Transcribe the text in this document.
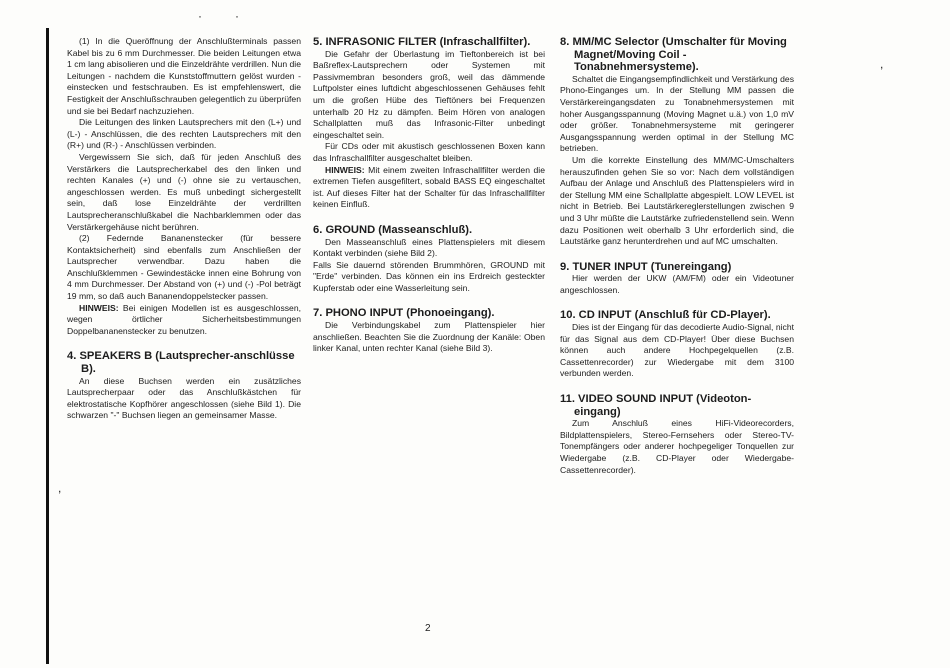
·	·
,
,

(1) In die Queröffnung der Anschlußterminals passen Kabel bis zu 6 mm Durchmesser. Die beiden Leitungen etwa 1 cm lang abisolieren und die Einzeldrähte verdrillen. Nun die Leitungen - nachdem die Kunststoffmuttern gelöst wurden - einstecken und festschrauben. Es ist empfehlenswert, die Festigkeit der Anschlußschrauben gelegentlich zu überprüfen und sie bei Bedarf nachzuziehen.

Die Leitungen des linken Lautsprechers mit den (L+) und (L-) - Anschlüssen, die des rechten Lautsprechers mit den (R+) und (R-) - Anschlüssen verbinden.

Vergewissern Sie sich, daß für jeden Anschluß des Verstärkers die Lautsprecherkabel des den linken und rechten Kanales (+) und (-) ohne sie zu vertauschen, angeschlossen werden. Es muß unbedingt sichergestellt sein, daß lose Einzeldrähte der verdrillten Lautsprecheranschlußkabel die Nachbarklemmen oder das Verstärkergehäuse nicht berühren.

(2) Federnde Bananenstecker (für bessere Kontaktsicherheit) sind ebenfalls zum Anschließen der Lautsprecher verwendbar. Dazu haben die Anschlußklemmen - Gewindestäcke innen eine Bohrung von 4 mm Durchmesser. Der Abstand von (+) und (-) -Pol beträgt 19 mm, so daß auch Bananendoppelstecker passen.

HINWEIS: Bei einigen Modellen ist es ausgeschlossen, wegen örtlicher Sicherheitsbestimmungen Doppelbananenstecker zu benutzen.

4. SPEAKERS B (Lautsprecher-anschlüsse B).

An diese Buchsen werden ein zusätzliches Lautsprecherpaar oder das Anschlußkästchen für elektrostatische Kopfhörer angeschlossen (siehe Bild 1). Die schwarzen "-" Buchsen liegen an gemeinsamer Masse.

5. INFRASONIC FILTER (Infraschallfilter).

Die Gefahr der Überlastung im Tieftonbereich ist bei Baßreflex-Lautsprechern oder Systemen mit Passivmembran besonders groß, weil das dämmende Luftpolster eines luftdicht abgeschlossenen Gehäuses fehlt um die großen Hübe des Tieftöners bei Frequenzen unterhalb 20 Hz zu dämpfen. Beim Hören von analogen Schallplatten muß das Infrasonic-Filter unbedingt eingeschaltet sein.

Für CDs oder mit akustisch geschlossenen Boxen kann das Infraschallfilter ausgeschaltet bleiben.

HINWEIS: Mit einem zweiten Infraschallfilter werden die extremen Tiefen ausgefiltert, sobald BASS EQ eingeschaltet ist. Auf dieses Filter hat der Schalter für das Infraschallfilter keinen Einfluß.

6. GROUND (Masseanschluß).

Den Masseanschluß eines Plattenspielers mit diesem Kontakt verbinden (siehe Bild 2).

Falls Sie dauernd störenden Brummhören, GROUND mit "Erde" verbinden. Das können ein ins Erdreich gesteckter Kupferstab oder eine Wasserleitung sein.

7. PHONO INPUT (Phonoeingang).

Die Verbindungskabel zum Plattenspieler hier anschließen. Beachten Sie die Zuordnung der Kanäle: Oben linker Kanal, unten rechter Kanal (siehe Bild 3).

8. MM/MC Selector (Umschalter für Moving Magnet/Moving Coil - Tonabnehmersysteme).

Schaltet die Eingangsempfindlichkeit und Verstärkung des Phono-Einganges um. In der Stellung MM passen die Verstärkereingangsdaten zu Tonabnehmersystemen mit hoher Ausgangsspannung (Moving Magnet u.ä.) von 1,0 mV oder größer. Tonabnehmersysteme mit geringerer Ausgangsspannung werden optimal in der Stellung MC betrieben.

Um die korrekte Einstellung des MM/MC-Umschalters herauszufinden gehen Sie so vor: Nach dem vollständigen Aufbau der Anlage und Anschluß des Plattenspielers wird in der Stellung MM eine Schallplatte abgespielt. LOW LEVEL ist nicht in Betrieb. Bei Lautstärkereglerstellungen zwischen 9 und 3 Uhr müßte die Lautstärke zufriedenstellend sein. Wenn dazu Positionen weit oberhalb 3 Uhr erforderlich sind, die Lautstärke ganz herunterdrehen und auf MC umschalten.

9. TUNER INPUT (Tunereingang)

Hier werden der UKW (AM/FM) oder ein Videotuner angeschlossen.

10. CD INPUT (Anschluß für CD-Player).

Dies ist der Eingang für das decodierte Audio-Signal, nicht für das Signal aus dem CD-Player! Über diese Buchsen können auch andere Hochpegelquellen (z.B. Cassettenrecorder) zur Wiedergabe mit dem 3100 verbunden werden.

11. VIDEO SOUND INPUT (Videoton-eingang)

Zum Anschluß eines HiFi-Videorecorders, Bildplattenspielers, Stereo-Fernsehers oder Stereo-TV-Tonempfängers oder anderer hochpegeliger Tonquellen zur Wiedergabe (z.B. CD-Player oder Wiedergabe-Cassettenrecorder).

2
